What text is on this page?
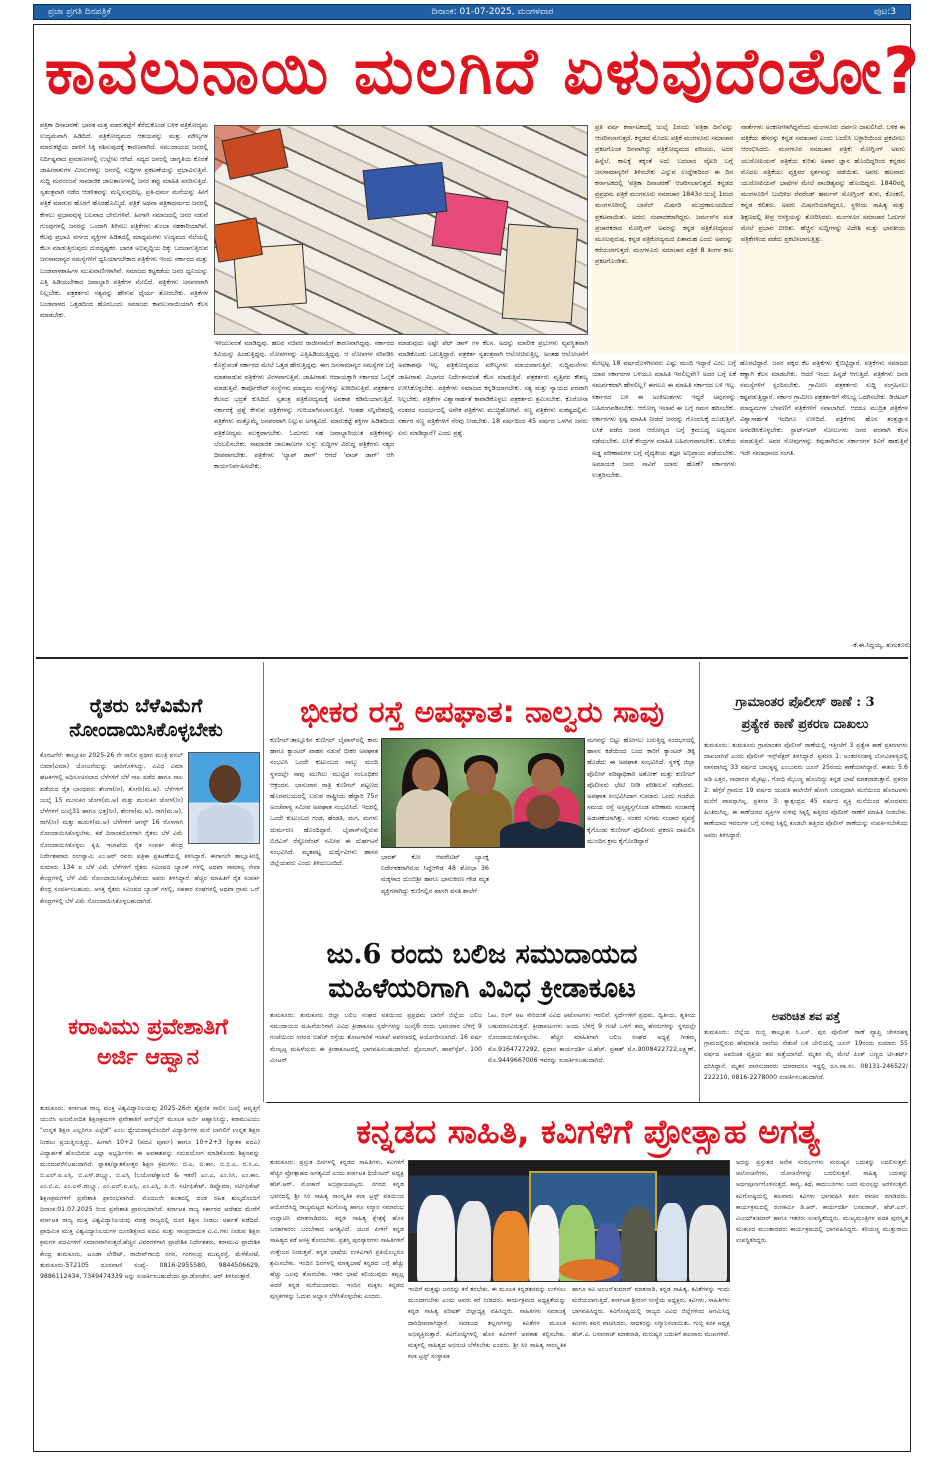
ಪ್ರಜಾ ಪ್ರಗತಿ ದಿನಪತ್ರಿಕೆ	ದಿನಾಂಕ: 01-07-2025, ಮಂಗಳವಾರ	ಪುಟ:3
ಕಾವಲುನಾಯಿ ಮಲಗಿದೆ ಏಳುವುದೆಂತೋ?

ಪತ್ರಿಕಾ ದಿನಾಚರಣೆ: ಭಾರತ ಮತ್ತ ಮಾರುಕಟ್ಟೆಗೆ ತೆರೆದುಕೊಂಡ ಬಳಿಕ ಪತ್ರಿಕೋದ್ಯಮ ಉದ್ಯಮವಾಗಿ ಹಿಡಿದಿದೆ. ಪತ್ರಿಕೋದ್ಯಮದ ಆಶಯವನ್ನು ಮತ್ತು ಮೌಲ್ಯಗಳ ಮಾರುಕಟ್ಟೆಯ ದಾಳಿಗೆ ಸಿಕ್ಕಿ ನಶಿಸುವುದಕ್ಕೆ ಕಾರಣವಾಗಿದೆ. ಸಮುದಾಯದ ಜನರಲ್ಲಿ ನಿರ್ದಿಷ್ಟವಾದ ಪ್ರಮಾಣಗಳಲ್ಲಿ ಉಲ್ಲೇಖ ಆಗಿದೆ. ಸದ್ಯದ ಜನರಲ್ಲಿ ಜಾಗೃತಿಯ ಕೊರತೆ ಜಾಹೀರಾತುಗಳ ಮೀನುಗಳನ್ನು ಜನರಲ್ಲಿ ಸುದ್ದಿಗಳ ಪ್ರಕಟಣೆಯನ್ನು ಪ್ರಭಾವಿಸುತ್ತಿವೆ. ಸುದ್ದಿ ಮನರಂಜನೆ ಸಾಮಾಜಿಕ ಜಾಲತಾಣಗಳಲ್ಲಿ ಜನರ ತಪ್ಪು ಮಾಹಿತಿ ಪಸರಿಸುತ್ತಿದೆ. ಸ್ವತಂತ್ರವಾಗಿ ನಡೆದ ಆಡಳಿತವನ್ನು ಮನ್ನಿಸುವುದಿಲ್ಲ. ಪ್ರತಿ-ಧರ್ಮ ಮನೆಯನ್ನು ಹೀಗೆ ಪತ್ರಿಕೆ ಮಾಡುವ ಹೊರಗೆ ಹೊರಹೊಮ್ಮಿದೆ. ಪತ್ರಿಕೆ ಅಥವಾ ಪತ್ರಿಕಾಧರ್ಮದ ಜನರಲ್ಲಿ ಕೇಳಲು ಪ್ರಭಾವವುಳ್ಳ ಬಲವಾದ ಬೇರುಗಳಿವೆ. ಹೀಗಾಗಿ ಸಮಾಜದಲ್ಲಿ ಜನರ ನಡುವೆ ಗುಂಪುಗಳಲ್ಲಿ ಜನರನ್ನು ಒಂದಾಗಿ ತಿಳಿಸಲು ಪತ್ರಿಕೆಗಳು ತುಂಬಾ ಸಹಕಾರಿಯಾಗಿವೆ. ಕೆಲವು ಪ್ರಭಾವಿ ವರ್ಗದ ವ್ಯಕ್ತಿಗಳ ಹಿಡಿತದಲ್ಲಿ ಮಾಧ್ಯಮಗಳು ಉದ್ಯಮದ ನೆಲೆಯಲ್ಲಿ ಕೆಲಸ ಮಾಡುತ್ತಿರುವುದು ದುರದೃಷ್ಟಕರ. ಭಾರತ ಅಭಿವೃದ್ಧಿಯ ದಿಕ್ಕು ಬದಲಾಗುತ್ತಿರುವ ಜನಸಾಮಾನ್ಯರ ಸಮಸ್ಯೆಗಳಿಗೆ ಧ್ವನಿಯಾಗಬೇಕಾದ ಪತ್ರಿಕೆಗಳು ಇಂದು ಸರ್ಕಾರದ ಮತ್ತು ಬಂಡವಾಳಶಾಹಿಗಳ ಮುಖವಾಣಿಗಳಾಗಿವೆ. ಸಮಾಜದ ಕಟ್ಟಕಡೆಯ ಜನರ ಧ್ವನಿಯನ್ನು ಎತ್ತಿ ಹಿಡಿಯಬೇಕಾದ ಜವಾಬ್ದಾರಿ ಪತ್ರಿಕೆಗಳ ಮೇಲಿದೆ. ಪತ್ರಿಕೆಗಳು ಜನಪರವಾಗಿ ನಿಲ್ಲಬೇಕು. ಪತ್ರಕರ್ತರು ಸತ್ಯವನ್ನು ಹೇಳುವ ಧೈರ್ಯ ತೋರಬೇಕು. ಪತ್ರಿಕೆಗಳ ಬಂಡವಾಳದ ಒತ್ತಡದಿಂದ ಹೊರಬಂದು ಸಮಾಜದ ಕಾವಲುನಾಯಿಯಾಗಿ ಕೆಲಸ ಮಾಡಬೇಕು.

ಇಳಿಯುವಂತೆ ಮಾಡಿದ್ದವು. ಹಲವ ಸಚಿವರ ರಾಜೀನಾಮೆಗೆ ಕಾರಣವಾಗಿದ್ದವು. ಸರ್ಕಾರದ ಕಿವಿಯನ್ನು ಹಿಂಡುತ್ತಿದ್ದವು. ಲೋಪಗಳನ್ನು ಎತ್ತಿಹಿಡಿಯುತ್ತಿದ್ದವು. ಆ ಲೋಪಗಳ ಸರಿಪಡಿಸಿ ಕೊಳ್ಳುವಂತೆ ಸರ್ಕಾರದ ಮೇಲೆ ಒತ್ತಡ ಹೇರುತ್ತಿದ್ದವು. ಈಗ ಜನಸಾಮಾನ್ಯರ ಸಮಸ್ಯೆಗಳ ಬಗ್ಗೆ ಮಾತನಾಡುವ ಪತ್ರಿಕೆಗಳು ವಿರಳವಾಗುತ್ತಿವೆ. ಜಾಹೀರಾತು ಆದಾಯಕ್ಕಾಗಿ ಸರ್ಕಾರದ ಓಲೈಕೆ ಮಾಡುತ್ತಿವೆ. ಕಾರ್ಪೊರೇಟ್ ಸಂಸ್ಥೆಗಳು ಮಾಧ್ಯಮ ಸಂಸ್ಥೆಗಳನ್ನು ಖರೀದಿಸುತ್ತಿವೆ. ಪತ್ರಕರ್ತರ ಕೆಲಸದ ಭದ್ರತೆ ಕುಸಿದಿದೆ. ಸ್ವತಂತ್ರ ಪತ್ರಿಕೋದ್ಯಮಕ್ಕೆ ಅವಕಾಶ ಕಡಿಮೆಯಾಗುತ್ತಿದೆ. ಸರ್ಕಾರಕ್ಕೆ ಪ್ರಶ್ನೆ ಕೇಳುವ ಪತ್ರಿಕೆಗಳನ್ನು ಗುರಿಯಾಗಿಸಲಾಗುತ್ತಿದೆ. ಇಂತಹ ಸನ್ನಿವೇಶದಲ್ಲಿ ಪತ್ರಿಕೆಗಳು ಮತ್ತೊಮ್ಮೆ ಜನಪರವಾಗಿ ನಿಲ್ಲುವ ಅಗತ್ಯವಿದೆ. ಮಾರುಕಟ್ಟೆ ಶಕ್ತಿಗಳ ಹಿಡಿತದಿಂದ ಪತ್ರಿಕೋದ್ಯಮ ಮುಕ್ತವಾಗಬೇಕು. ಓದುಗರು ಸಹ ಜವಾಬ್ದಾರಿಯುತ ಪತ್ರಿಕೆಗಳನ್ನು ಬೆಂಬಲಿಸಬೇಕು. ಸಾಮಾಜಿಕ ಜಾಲತಾಣಗಳ ಸುಳ್ಳು ಸುದ್ದಿಗಳ ವಿರುದ್ಧ ಪತ್ರಿಕೆಗಳು ಸತ್ಯದ ದೀಪವಾಗಬೇಕು. ಪತ್ರಿಕೆಗಳು 'ಲ್ಯಾಪ್ ಡಾಗ್' ಆಗದೆ 'ವಾಚ್ ಡಾಗ್' ಆಗಿ ಕಾರ್ಯನಿರ್ವಹಿಸಬೇಕು.

ಮಾಡುವುದು ಅಷ್ಟೇ ಪೆಟ್ ಡಾಗ್ ಗಳ ಕೆಲಸ. ಅದನ್ನು ಮಾಲೀಕ ಪ್ರಭುಗಳು ವ್ಯವಸ್ಥಿತವಾಗಿ ಮಾಡಿಕೊಂಡು ಬರುತ್ತಿದ್ದಾರೆ. ಪತ್ರಕರ್ತ ಸ್ವತಂತ್ರವಾಗಿ ಆಲೋಚಿಸುತ್ತಿಲ್ಲ. ಅಂತಹ ಆಲೋಚನೆಗೆ ಅವಕಾಶವೂ ಇಲ್ಲ. ಪತ್ರಿಕೋದ್ಯಮದ ಮೌಲ್ಯಗಳು ಮಾಯವಾಗುತ್ತಿವೆ. ಸುದ್ದಿಮನೆಗಳು ಜಾಹೀರಾತು ವಿಭಾಗದ ನಿರ್ದೇಶನದಂತೆ ಕೆಲಸ ಮಾಡುತ್ತಿವೆ. ಪತ್ರಕರ್ತರು ವೃತ್ತಿಪರ ಕೌಶಲ್ಯ ಉಳಿಸಿಕೊಳ್ಳಬೇಕು. ಪತ್ರಿಕೆಗಳು ಸಮಾಜದ ಕನ್ನಡಿಯಾಗಬೇಕು. ಸತ್ಯ ಮತ್ತು ನ್ಯಾಯದ ಪರವಾಗಿ ನಿಲ್ಲಬೇಕು. ಪತ್ರಿಕೆಗಳ ವಿಶ್ವಾಸಾರ್ಹತೆ ಕಾಪಾಡಿಕೊಳ್ಳಲು ಪತ್ರಕರ್ತರು ಶ್ರಮಿಸಬೇಕು. ಕೊರೋನಾ ನಂತರದ ಸಂದರ್ಭದಲ್ಲಿ ಅನೇಕ ಪತ್ರಿಕೆಗಳು ಮುಚ್ಚಿಹೋಗಿವೆ. ಸಣ್ಣ ಪತ್ರಿಕೆಗಳು ಸಂಕಷ್ಟದಲ್ಲಿವೆ. ಸರ್ಕಾರ ಸಣ್ಣ ಪತ್ರಿಕೆಗಳಿಗೆ ನೆರವು ನೀಡಬೇಕು. 18 ವರ್ಷದಿಂದ 45 ವರ್ಷದ ಒಳಗಿನ ಜನರು ಏನು ಮಾಡಿದ್ದಾರೆ? ಎಂದು ಪ್ರಶ್ನೆ.

ಪ್ರತಿ ವರ್ಷ ಕರ್ನಾಟಕದಲ್ಲಿ ಜುಲೈ 1ರಂದು 'ಪತ್ರಿಕಾ ದಿನ'ವನ್ನು ಆಚರಿಸಲಾಗುತ್ತದೆ. ಕನ್ನಡದ ಮೊದಲ ಪತ್ರಿಕೆ ಮಂಗಳೂರು ಸಮಾಚಾರ ಪ್ರಕಟಗೊಂಡ ದಿನವಾಗಿದ್ದು ಪತ್ರಿಕೋದ್ಯಮದ ಪರಿಚಯ, ಅದರ ಹಿನ್ನೆಲೆ, ಕಾಲಕ್ಕೆ ತಕ್ಕಂತೆ ಅದು ಬದಲಾದ ವೈಖರಿ ಬಗ್ಗೆ ಜನಸಾಮಾನ್ಯರಿಗೆ ತಿಳಿಸಬೇಕು ಎನ್ನುವ ಉದ್ದೇಶದಿಂದ ಈ ದಿನ ಕರ್ನಾಟಕದಲ್ಲಿ 'ಪತ್ರಿಕಾ ದಿನಾಚರಣೆ' ಆಚರಿಸಲಾಗುತ್ತದೆ. ಕನ್ನಡದ ಪ್ರಪ್ರಥಮ ಪತ್ರಿಕೆ ಮಂಗಳೂರು ಸಮಾಚಾರ 1843ರ ಜುಲೈ 1ರಂದ ಮಂಗಳೂರಿನಲ್ಲಿ ಬಾಸೆಲ್ ಮಿಷನರಿ ಮುದ್ರಣಾಲಯದಿಂದ ಪ್ರಕಟವಾಯಿತು. ಅದರು ಸಂಪಾದಕರಾಗಿದ್ದರು. ಜರ್ಮನ್‌ನ ಮತ ಪ್ರಚಾರಕರಾದ ಮೋಗ್ಲಿಂಗ್ ಅವರನ್ನು ಕನ್ನಡ ಪತ್ರಿಕೋದ್ಯಮದ ಮೂಲಪುರುಷ, ಕನ್ನಡ ಪತ್ರಿಕೋದ್ಯಮದ ಪಿತಾಮಹ ಎಂದು ಅವರನ್ನು ಕರೆಯಲಾಗುತ್ತದೆ. ಮಂಗಳೂರು ಸಮಾಚಾರ ಪತ್ರಿಕೆ 8 ತಿಂಗಳ ಕಾಲ ಪ್ರಕಟಗೊಂಡಿತು.

ವಾರ್ತೆಗಳು ಅಂಕಣಗಳಾಗಿದ್ದವೆಂದು ಮಂಗಳೂರು ದರ್ಪಣ ದಾಖಲಿಸಿದೆ. ಬಳಿಕ ಈ ಪತ್ರಿಕೆಯ ಹೆಸರನ್ನು ಕನ್ನಡ ಸಮಾಚಾರ ಎಂದು ಬದಲಿಸಿ ಬಳ್ಳಾರಿಯಿಂದ ಪ್ರಕಟಿಸಲು ಆರಂಭಿಸಿದರು. ಮಂಗಳೂರ ಸಮಾಚಾರ ಪತ್ರಿಕೆ: ಮೋಗ್ಲಿಂಗ್ ಅವರು ಯುರೋಪಿಯನ್ ಪತ್ರಿಕೆಯ ಕುರಿತು ಅಪಾರ ಜ್ಞಾನ ಹೊಂದಿದ್ದರಿಂದ ಕನ್ನಡದ ಮೊದಲ ಪತ್ರಿಕೆಯು ವ್ಯಕ್ತಿಪರ ಸ್ಪರ್ಶವನ್ನು ಪಡೆಯಿತು. ಅವರು ಹಲವಾರು ಯುರೋಪಿಯನ್ ಭಾಷೆಗಳ ಮೇಲೆ ಪಾಂಡಿತ್ಯವನ್ನು ಹೊಂದಿದ್ದರು. 1840ರಲ್ಲಿ ಮಂಗಳೂರಿಗೆ ಬಂದಿಳಿದ ರೆವರೆಂಡ್ ಹರ್ಮನ್ ಮೋಗ್ಲಿಂಗ್ ತುಳು, ಕೊಂಕಣಿ, ಕನ್ನಡ ಕಲಿತರು. ಅವರು ಮಿಷನರಿಯಾಗಿದ್ದರೂ, ಸ್ಥಳೀಯ ಸಾಹಿತ್ಯ ಮತ್ತು ಶಿಕ್ಷಣದಲ್ಲಿ ತೀವ್ರ ಆಸಕ್ತಿಯನ್ನು ತೋರಿಸಿದರು. ಮಂಗಳೂರ ಸಮಾಚಾರ ಓದುಗರ ಮೇಲೆ ಪ್ರಭಾವ ಬೀರಿತು. ಹೆಚ್ಚಿನ ಸುದ್ದಿಗಳನ್ನು ವಿದೇಶಿ ಮತ್ತು ಭಾರತೀಯ ಪತ್ರಿಕೆಗಳಿಂದ ಪಡೆದು ಪ್ರಕಟಿಸಲಾಗುತ್ತಿತ್ತು.

ಮೇಲ್ಪಟ್ಟ 18 ವರ್ಷದೊಳಗಿನವರು ಎಷ್ಟು ಮಂದಿ ಇದ್ದಾರೆ ಎಂಬ ಬಗ್ಗೆ ಯಾವ ಸರ್ಕಾರಗಳ ಬಳಿಯೂ ಮಾಹಿತಿ ಇರಲಿಲ್ಲವೇ? ಅದರ ಬಗ್ಗೆ ಏಕೆ ಸಮರ್ಪಕವಾಗಿ ಹೇಳಲಿಲ್ಲ? ಈಗಲೂ ಈ ಮಾಹಿತಿ ಸರ್ಕಾರದ ಬಳಿ ಇಲ್ಲ. ಸರ್ಕಾರದ ಬಳಿ ಈ ಅಂಕಿಅಂಶಗಳು ಇದ್ದರೆ ಅವುಗಳನ್ನು ಬಹಿರಂಗಪಡಿಸಬೇಕು. ಆರೋಗ್ಯ ಇಲಾಖೆ ಈ ಬಗ್ಗೆ ಗಮನ ಹರಿಸಬೇಕು. ಸರ್ಕಾರಗಳು ಸ್ಪಷ್ಟ ಮಾಹಿತಿ ನೀಡದೆ ಜನರನ್ನು ಗೊಂದಲಕ್ಕೆ ದೂಡುತ್ತಿವೆ. ಲಸಿಕೆ ಪಡೆದ ಜನರ ಆರೋಗ್ಯದ ಬಗ್ಗೆ ಕ್ರಮಬದ್ಧ ಅಧ್ಯಯನ ನಡೆಯಬೇಕು. ಲಸಿಕೆ ಕೇಂದ್ರಗಳ ಮಾಹಿತಿ ಬಹಿರಂಗವಾಗಬೇಕು. ಲಸಿಕೆಯ ಅಡ್ಡ ಪರಿಣಾಮಗಳ ಬಗ್ಗೆ ವೈದ್ಯಕೀಯ ತಜ್ಞರ ಅಭಿಪ್ರಾಯ ಪಡೆಯಬೇಕು. ಅಮಾಯಕ ಜನರ ಸಾವಿಗೆ ಯಾರು ಹೊಣೆ? ಸರ್ಕಾರಗಳು ಉತ್ತರಿಸಬೇಕು.

ಹೊರಟಿದ್ದಾರೆ. ಜನರ ಪಕ್ಕದ ಕೆಲ ಪತ್ರಿಕೆಗಳು ಕೈಬಿಟ್ಟಿದ್ದಾರೆ. ಪತ್ರಿಕೆಗಳು ಸಮಾಜದ ಕಣ್ಣಾಗಿ ಕೆಲಸ ಮಾಡಬೇಕು. ಆದರೆ ಇಂದು ಹಿನ್ನಡೆ ಆಗುತ್ತಿದೆ. ಪತ್ರಿಕೆಗಳು ಜನರ ಸಮಸ್ಯೆಗಳಿಗೆ ಸ್ಪಂದಿಸಬೇಕು. ಗ್ರಾಮೀಣ ಪತ್ರಕರ್ತರು ಸುದ್ದಿ ಸಂಗ್ರಹಿಸಲು ಕಷ್ಟಪಡುತ್ತಿದ್ದಾರೆ. ಸರ್ಕಾರ ಗ್ರಾಮೀಣ ಪತ್ರಕರ್ತರಿಗೆ ಸೌಲಭ್ಯ ಒದಗಿಸಬೇಕು. ಡಿಜಿಟಲ್ ಮಾಧ್ಯಮಗಳ ಬೆಳವಣಿಗೆ ಪತ್ರಿಕೆಗಳಿಗೆ ಸವಾಲಾಗಿದೆ. ಆದರೂ ಮುದ್ರಿತ ಪತ್ರಿಕೆಗಳ ವಿಶ್ವಾಸಾರ್ಹತೆ ಇಂದಿಗೂ ಉಳಿದಿದೆ. ಪತ್ರಿಕೆಗಳು ಹೊಸ ತಂತ್ರಜ್ಞಾನ ಅಳವಡಿಸಿಕೊಳ್ಳಬೇಕು. ಸ್ಟಾರ್ಟ್ಅಪ್ ಸೋಲುಗಳು ಜನರ ಪರವಾಗಿ ಕೆಲಸ ಮಾಡುತ್ತಿವೆ. ಅವರ ನೋವುಗಳನ್ನು ಕಿವುಡಾಗಿರುವ ಸರ್ಕಾರಗಳ ಕಿವಿಗೆ ಹಾಕುತ್ತಿವೆ ಇದೇ ಸಮಾಧಾನದ ಸಂಗತಿ.

-ಕೆ.ಈ.ಸಿದ್ದಯ್ಯ, ತುಮಕೂರು
ರೈತರು ಬೆಳೆವಿಮೆಗೆ
ನೋಂದಾಯಿಸಿಕೊಳ್ಳಬೇಕು

ಕೊರಟಗೆರೆ: ತಾಲ್ಲೂಕಿನ 2025-26 ನೇ ಸಾಲಿನ ಪ್ರಧಾನ ಮಂತ್ರಿ ಫಸಲ್ ಬಿಮಾ(ವಿಮಾ) ಯೋಜನೆಯನ್ನು ಜಾರಿಗೊಳಿಸಿದ್ದು, ವಿವಿಧ ವಿಮಾ ಘಟಕಗಳಲ್ಲಿ ಅಧಿಸೂಚಿಸಲಾದ ಬೆಳೆಗಳಿಗೆ ಬೆಳೆ ಸಾಲ ಪಡೆದ ಹಾಗೂ ಸಾಲ ಪಡೆಯದ ರೈತ ಬಾಂಧವರು ಶೇಂಗಾ(ನೀ), ತೊಗರಿ(ಮ.ಆ). ಬೆಳೆಗಳಿಗೆ ಜುಲೈ 15 ಮುಸುಕಿನ ಜೋಳ(ಮ.ಆ) ಮತ್ತು ಮುಸುಕಿನ ಜೋಳ(ನೀ) ಬೆಳೆಗಳಿಗೆ ಜುಲೈ31 ಹಾಗೂ ಭತ್ತ(ನೀ), ಶೇಂಗಾ(ಮ.ಆ), ರಾಗಿ(ಮ.ಆ), ರಾಗಿ(ನೀ) ಮತ್ತು ಹುರುಳಿ(ಮ.ಆ) ಬೆಳೆಗಳಿಗೆ ಆಗಸ್ಟ್ 16 ರೊಳಗಾಗಿ ನೋಂದಾಯಿಸಿಕೊಳ್ಳಬೇಕು. ಕಡೆ ದಿನಾಂಕದೊಳಗಾಗಿ ರೈತರು ಬೆಳೆ ವಿಮೆ ನೋಂದಾಯಿಸಿಕೊಳ್ಳಲು ಕೃಷಿ ಇಲಾಖೆಯ ರೈತ ಸಂಪರ್ಕ ಕೇಂದ್ರ ನಿರ್ದೇಶಕರಾದ ರಂಗಸ್ವಾಮಿ ಎಂ.ಆರ್ ರವರು ಪತ್ರಿಕಾ ಪ್ರಕಟಣೆಯಲ್ಲಿ ತಿಳಿಸಿದ್ದಾರೆ. ಈಗಾಗಲೇ ತಾಲ್ಲೂಕಿನಲ್ಲಿ ಸುಮಾರು 134 ಐ ಬೆಳೆ ವಿಮೆ ಬೆಳೆಗಳಿಗೆ ರೈತರು ಸಮೀಪದ ಬ್ಯಾಂಕ್ ಗಳಲ್ಲಿ ಅಥವಾ ಸಾಮಾನ್ಯ ಸೇವಾ ಕೇಂದ್ರಗಳಲ್ಲಿ ಬೆಳೆ ವಿಮೆ ನೋಂದಾಯಿಸಿಕೊಳ್ಳಬೇಕೆಂದು ಅವರು ತಿಳಿಸಿದ್ದಾರೆ. ಹೆಚ್ಚಿನ ಮಾಹಿತಿಗೆ ರೈತ ಸಂಪರ್ಕ ಕೇಂದ್ರ ಸಂಪರ್ಕಿಸಬಹುದು. ಆಸಕ್ತ ರೈತರು ಸಮೀಪದ ಬ್ಯಾಂಕ್ ಗಳಲ್ಲಿ, ಸಹಕಾರ ಸಂಘಗಳಲ್ಲಿ ಅಥವಾ ಗ್ರಾಮ ಒನ್ ಕೇಂದ್ರಗಳಲ್ಲಿ ಬೆಳೆ ವಿಮೆ ನೋಂದಾಯಿಸಿಕೊಳ್ಳಬಹುದಾಗಿದೆ.

ಭೀಕರ ರಸ್ತೆ ಅಪಘಾತ: ನಾಲ್ವರು ಸಾವು

ಕುಣಿಗಲ್:ತಾಲ್ಲೂಕಿನ ಕುಣಿಗಲ್ ಬೈಪಾಸ್‌ನಲ್ಲಿ ಕಾರು ಹಾಗೂ ಕ್ಯಾಂಟರ್ ವಾಹನ ನಡುವೆ ಭೀಕರ ಅಪಘಾತ ಸಂಭವಿಸಿ ಒಂದೇ ಕುಟುಂಬದ ನಾಲ್ಕು ಮಂದಿ ಸ್ಥಳದಲ್ಲೇ ಸಾವು ಮುಗಿಲು ಮುಟ್ಟಿದ ಸಂಬಂಧಿಕರ ಆಕ್ರಂದನ. ಭಾನುವಾರ ರಾತ್ರಿ ಕುಣಿಗಲ್ ಪಟ್ಟಣದ ಹೊರವಲಯದಲ್ಲಿ ಬರುವ ರಾಷ್ಟ್ರೀಯ ಹೆದ್ದಾರಿ 75ರ ಅಂಚೆಪಾಳ್ಯ ಸಮೀಪ ಅಪಘಾತ ಸಂಭವಿಸಿದೆ. ಇದರಲ್ಲಿ ಒಂದೇ ಕುಟುಂಬದ ಗಂಡ, ಹೆಂಡತಿ, ಮಗ, ಮಗಳು ದುರ್ಮರಣ ಹೊಂದಿದ್ದಾರೆ. ಬೈಪಾಸ್‌ನಲ್ಲಿರುವ ಬಿಜಿಎಸ್ ರೆಸ್ಟೋರೆಂಟ್ ಸಮೀಪ ಈ ದುರ್ಘಟನೆ ಸಂಭವಿಸಿದೆ. ಮೃತಪಟ್ಟ ದುರ್ದೈವಿಗಳು ಹಾಸನ ಜಿಲ್ಲೆಯವರು ಎಂದು ತಿಳಿದುಬಂದಿದೆ.

ಭಾರತ್ ಕೋ ಆಪರೇಟಿವ್ ಬ್ಯಾಂಕ್ನ ನಿರ್ದೇಶಕರಾಗಿರುವ ಸಿದ್ದೇಗೌಡ 48 ಶೋಭಾ 36 ಮಕ್ಕಳಾದ ದುಂಬಿಶ್ರೀ ಹಾಗೂ ಭಾನುಕಿರಣ ಗೌಡ ಮೃತ ವ್ಯಕ್ತಿಗಳಾಗಿದ್ದು ಕುಣಿಗಲ್ಲಿನ ಖಾಸಗಿ ವಸತಿ ಶಾಲೆಗೆ

ಮಗನನ್ನು ಬಿಟ್ಟು ಹೋಗಲು ಬರುತ್ತಿದ್ದ ಸಂದರ್ಭದಲ್ಲಿ ಹಾಸನ ಕಡೆಯಿಂದ ಬಂದ ಕಾರಿಗೆ ಕ್ಯಾಂಟರ್ ಡಿಕ್ಕಿ ಹೊಡೆದು ಈ ಅಪಘಾತ ಸಂಭವಿಸಿದೆ. ಸ್ಥಳಕ್ಕೆ ಜಿಲ್ಲಾ ಪೊಲೀಸ್ ವರಿಷ್ಠಾಧಿಕಾರಿ ಅಶೋಕ್ ಮತ್ತು ಕುಣಿಗಲ್ ಪೊಲೀಸರು ಭೇಟಿ ನೀಡಿ ಪರಿಶೀಲನೆ ನಡೆಸಿದರು. ಅಪಘಾತ ಸಂಭವಿಸಿದಾಗ ಸುಮಾರು ಒಂದು ಗಂಟೆಯ ಸಮಯ ರಸ್ತೆ ಅಸ್ತವ್ಯಸ್ತಗೊಂಡ ಪರಿಣಾಮ ಸಂಚಾರಕ್ಕೆ ಅಡಚಣೆಯಾಗಿತ್ತು, ನಂತರ ಸುಗಮ ಸಂಚಾರ ವ್ಯವಸ್ಥೆ ಕೈಗೊಂಡು ಕುಣಿಗಲ್ ಪೊಲೀಸರು ಪ್ರಕರಣ ದಾಖಲಿಸಿ ಮುಂದಿನ ಕ್ರಮ ಕೈಗೊಂಡಿದ್ದಾರೆ

ಗ್ರಾಮಾಂತರ ಪೊಲೀಸ್ ಠಾಣೆ : 3
ಪ್ರತ್ಯೇಕ ಕಾಣೆ ಪ್ರಕರಣ ದಾಖಲು

ತುಮಕೂರು: ತುಮಕೂರು ಗ್ರಾಮಾಂತರ ಪೊಲೀಸ್ ಠಾಣೆಯಲ್ಲಿ ಇತ್ತೀಚೆಗೆ 3 ಪ್ರತ್ಯೇಕ ಕಾಣೆ ಪ್ರಕರಣಗಳು ದಾಖಲಾಗಿವೆ ಎಂದು ಪೊಲೀಸ್ ಇನ್ಸ್‌ಪೆಕ್ಟರ್ ತಿಳಿಸಿದ್ದಾರೆ. ಪ್ರಕರಣ 1: ಅಂತರಸನಹಳ್ಳಿ ಬೋವಿಪಾಳ್ಯದಲ್ಲಿ ವಾಸವಾಗಿದ್ದ 33 ವರ್ಷದ ಬಾಲಕೃಷ್ಣ ಎಂಬುವರು ಜೂನ್ 25ರಂದು ಕಾಣೆಯಾಗಿದ್ದಾರೆ. ಈತನು 5.6 ಅಡಿ ಎತ್ತರ, ಸಾಧಾರಣ ಮೈಕಟ್ಟು, ಗೋಧಿ ಮೈಬಣ್ಣ ಹೊಂದಿದ್ದು ಕನ್ನಡ ಭಾಷೆ ಮಾತನಾಡುತ್ತಾನೆ. ಪ್ರಕರಣ 2: ಹೆಗ್ಗೆರೆ ಗ್ರಾಮದ 19 ವರ್ಷದ ಯುವತಿ ಕಾಲೇಜಿಗೆ ಹೋಗಿ ಬರುವುದಾಗಿ ಮನೆಯಿಂದ ಹೊರಟವಳು ಮನೆಗೆ ವಾಪಸ್ಸಾಗಿಲ್ಲ. ಪ್ರಕರಣ 3: ಕ್ಯಾತ್ಸಂದ್ರದ 45 ವರ್ಷದ ವ್ಯಕ್ತಿ ಮನೆಯಿಂದ ಹೋದವರು ಹಿಂತಿರುಗಿಲ್ಲ. ಈ ಕಾಣೆಯಾದ ವ್ಯಕ್ತಿಗಳ ಸುಳಿವು ಸಿಕ್ಕಲ್ಲಿ ಹತ್ತಿರದ ಪೊಲೀಸ್ ಠಾಣೆಗೆ ಮಾಹಿತಿ ನೀಡಬೇಕು. ಕಾಣೆಯಾದ ಇವರುಗಳ ಬಗ್ಗೆ ಸುಳಿವು ಸಿಕ್ಕಲ್ಲಿ ಕೂಡಲೇ ಹತ್ತಿರದ ಪೊಲೀಸ್ ಠಾಣೆಯನ್ನು ಸಂಪರ್ಕಿಸಬೇಕೆಂದು ಅವರು ತಿಳಿಸಿದ್ದಾರೆ.

ಅಪರಿಚಿತ ಶವ ಪತ್ತೆ

ತುಮಕೂರು: ಜಿಲ್ಲೆಯ ಗುಬ್ಬಿ ತಾಲ್ಲೂಕು ಸಿ.ಎಸ್. ಪುರ ಪೊಲೀಸ್ ಠಾಣೆ ವ್ಯಾಪ್ತಿ ಚೇಳನಹಳ್ಳಿ ಗ್ರಾಮದಲ್ಲಿರುವ ಹೇಮಾವತಿ ನಾಲೆಯ ಸೇತುವೆ ಬಳಿ ಬೇಲಿಯಲ್ಲಿ ಜೂನ್ 19ರಂದು ಸುಮಾರು 55 ವರ್ಷದ ಅಪರಿಚಿತ ವ್ಯಕ್ತಿಯ ಶವ ಪತ್ತೆಯಾಗಿದೆ. ಮೃತನ ಮೈ ಮೇಲೆ ಪಿಂಕ್ ಬಣ್ಣದ ಟೀ-ಶರ್ಟ್ ಧರಿಸಿದ್ದಾನೆ. ಮೃತನ ವಾರಸುದಾರರು ಯಾರಾದರೂ ಇದ್ದಲ್ಲಿ ದೂ.ವಾ.ಸಂ. 08131-246522/ 222210, 0816-2278000 ಸಂಪರ್ಕಿಸಬಹುದಾಗಿದೆ.

ಜು.6 ರಂದು ಬಲಿಜ ಸಮುದಾಯದ
ಮಹಿಳೆಯರಿಗಾಗಿ ವಿವಿಧ ಕ್ರೀಡಾಕೂಟ

ತುಮಕೂರು: ತುಮಕೂರು ಜಿಲ್ಲಾ ಬಲಿಜ ಸಂಘದ ವತಿಯಿಂದ ಪ್ರಪ್ರಥಮ ಬಾರಿಗೆ ಜಿಲ್ಲೆಯ ಬಲಿಜ ಸಮುದಾಯದ ಮಹಿಳೆಯರಿಗಾಗಿ ವಿವಿಧ ಕ್ರೀಡಾಕೂಟ ಸ್ಪರ್ಧೆಗಳನ್ನು ಜುಲೈ6 ರಂದು ಭಾನುವಾರ ಬೆಳಿಗ್ಗೆ 9 ಗಂಟೆಯಿಂದ ನಗರದ ಬಿಹೆಚ್ ರಸ್ತೆಯ ತೋಟಗಾರಿಕೆ ಇಲಾಖೆ ಆವರಣದಲ್ಲಿ ಆಯೋಜಿಸಲಾಗಿದೆ. 16 ವರ್ಷ ಮೇಲ್ಪಟ್ಟ ಮಹಿಳೆಯರು ಈ ಕ್ರೀಡಾಕೂಟದಲ್ಲಿ ಭಾಗವಹಿಸಬಹುದಾಗಿದೆ. ಥ್ರೋಬಾಲ್, ಹಾಪ್‌ಸ್ಟೆಪ್, 100 ಮೀಟರ್

ಓಟ, ರಿಂಗ್ ಆಟ ಸೇರಿದಂತೆ ವಿವಿಧ ಆಟೋಟಗಳು ಇರಲಿವೆ. ಸ್ಪರ್ಧೆಗಳಿಗೆ ಪ್ರಥಮ, ದ್ವಿತೀಯ, ತೃತೀಯ ಬಹುಮಾನವಿರುತ್ತದೆ. ಕ್ರೀಡಾಪಟುಗಳು ಅಂದು ಬೆಳಿಗ್ಗೆ 9 ಗಂಟೆ ಒಳಗೆ ತಮ್ಮ ಹೆಸರುಗಳನ್ನು ಸ್ಥಳದಲ್ಲೇ ನೋಂದಾಯಿಸಿಕೊಳ್ಳಬೇಕು. ಹೆಚ್ಚಿನ ಮಾಹಿತಿಗಾಗಿ ಬಲಿಜ ಸಂಘದ ಅಧ್ಯಕ್ಷೆ ಗೀತಮ್ಮ ಮೊ.9164727292, ಪ್ರಧಾನ ಕಾರ್ಯದರ್ಶಿ ಟಿ.ಹೆಚ್. ಪ್ರಕಾಶ್ ಮೊ.9008422722,ಲಕ್ಷ್ಮಣ್, ಮೊ.9449667006 ಇವರನ್ನು ಸಂಪರ್ಕಿಸಬಹುದಾಗಿದೆ.

ಕರಾವಿಮು ಪ್ರವೇಶಾತಿಗೆ
ಅರ್ಜಿ ಆಹ್ವಾನ

ತುಮಕೂರು: ಕರ್ನಾಟಕ ರಾಜ್ಯ ಮುಕ್ತ ವಿಶ್ವವಿದ್ಯಾನಿಲಯವು 2025-26ನೇ ಶೈಕ್ಷಣಿಕ ಸಾಲಿನ ಜುಲೈ ಆವೃತ್ತಿಗೆ ಯುಜಿಸಿ ಅನುಮೋದಿತ ಶಿಕ್ಷಣಕ್ರಮಗಳ ಪ್ರವೇಶಾತಿಗೆ ಆನ್‌ಲೈನ್ ಮೂಲಕ ಅರ್ಜಿ ಆಹ್ವಾನಿಸಿದ್ದು, ಕರಾಮುವಿಯು "ಉನ್ನತ ಶಿಕ್ಷಣ ಎಲ್ಲರಿಗೂ ಎಲ್ಲೆಡೆ" ಎಂಬ ಧ್ಯೇಯವಾಕ್ಯದೊಂದಿಗೆ ವಿದ್ಯಾರ್ಥಿಗಳ ಮನೆ ಬಾಗಿಲಿಗೆ ಉನ್ನತ ಶಿಕ್ಷಣ ನೀಡಲು ಪ್ರಯತ್ನಿಸುತ್ತಿದ್ದು, ಹೀಗಾಗಿ 10+2 (ಪದವಿ ಪೂರ್ವ) ಹಾಗೂ 10+2+3 (ಸ್ನಾತಕ ಪದವಿ) ವಿದ್ಯಾರ್ಹತೆ ಹೊಂದಿರುವ ಎಲ್ಲಾ ಅಭ್ಯರ್ಥಿಗಳು ಈ ಅವಕಾಶವನ್ನು ಸದುಪಯೋಗ ಮಾಡಿಕೊಂಡು ಶಿಕ್ಷಣವನ್ನು ಮುಂದುವರೆಸಬಹುದಾಗಿದೆ. ಸ್ನಾತಕ/ಸ್ನಾತಕೋತ್ತರ ಶಿಕ್ಷಣ ಕ್ರಮಗಳು: ಬಿ.ಎ, ಬಿ.ಕಾಂ, ಬಿ.ಬಿ.ಎ, ಬಿ.ಸಿ.ಎ, ಬಿ.ಎಲ್.ಐ.ಎಸ್ಸಿ, ಬಿ.ಎಸ್.ಡಬ್ಲ್ಯೂ, ಬಿ.ಎಸ್ಸಿ (ಬಯೋಟೆಕ್ನಾಲಜಿ & ಇತರೆ) ಎಂ.ಎ, ಎಂ.ಸಿಸಿ, ಎಂ.ಕಾಂ, ಎಂ.ಬಿ.ಎ, ಎಂ.ಎಸ್.ಡಬ್ಲ್ಯೂ, ಎಂ.ಎಲ್.ಐ.ಎಸ್ಸಿ, ಎಂ.ಎಸ್ಸಿ, ಪಿ.ಜಿ. ಸರ್ಟಿಫಿಕೇಟ್, ಡಿಪ್ಲೊಮಾ, ಸರ್ಟಿಫಿಕೇಟ್ ಶಿಕ್ಷಣಕ್ರಮಗಳಿಗೆ ಪ್ರವೇಶಾತಿ ಪ್ರಾರಂಭವಾಗಿದೆ. ಮೊದಲನೇ ಹಂತದಲ್ಲಿ ದಂಡ ರಹಿತ ಶುಲ್ಕದೊಂದಿಗೆ ದಿನಾಂಕ:01.07.2025 ರಿಂದ ಪ್ರವೇಶಾತಿ ಪ್ರಾರಂಭವಾಗಿದೆ. ಕರ್ನಾಟಕ ರಾಜ್ಯ ಸರ್ಕಾರದ ಆದೇಶದ ಮೇರೆಗೆ ಕರ್ನಾಟಕ ರಾಜ್ಯ ಮುಕ್ತ ವಿಶ್ವವಿದ್ಯಾನಿಲಯವು ಮಾತ್ರ ರಾಜ್ಯದಲ್ಲಿ ದೂರ ಶಿಕ್ಷಣ ನೀಡಲು ಅರ್ಹತೆ ಪಡೆದಿದೆ. ಪ್ರಾಥಮಿಕ ಮುಕ್ತ ವಿಶ್ವವಿದ್ಯಾನಿಲಯಗಳ ದೂರಶಿಕ್ಷಣದ ಪದವಿ ಮತ್ತು ಸಾಂಪ್ರದಾಯಿಕ ವಿ.ವಿ.ಗಳು ನೀಡುವ ಶಿಕ್ಷಣ ಕ್ರಮಗಳ ಪದವಿಗಳಿಗೆ ಸಮಾನವಾಗಿರುತ್ತದೆ.ಹೆಚ್ಚಿನ ವಿವರಗಳಿಗಾಗಿ ಪ್ರಾದೇಶಿಕ ನಿರ್ದೇಶಕರು, ಕರಾಮುವಿ ಪ್ರಾದೇಶಿಕ ಕೇಂದ್ರ ತುಮಕೂರು, ಟೂಡಾ ಲೇಔಟ್, ರಾಜೀವ್‌ಗಾಂಧಿ ನಗರ, ಗಂಗಸಂದ್ರ ಮುಖ್ಯರಸ್ತೆ, ಮೆಳೆಕೋಟೆ, ತುಮಕೂರು-572105 ದೂರವಾಣಿ ಸಂಖ್ಯೆ- 0816-2955580, 9844506629, 9886112434, 7349474339 ಅನ್ನು ಸಂಪರ್ಕಿಸಬಹುದೆಂದು ಪ್ರಾ.ಡೋಜೇನ. ಆರ್ ತಿಳಿಸಿರುತ್ತಾರೆ.

ಕನ್ನಡದ ಸಾಹಿತಿ, ಕವಿಗಳಿಗೆ ಪ್ರೋತ್ಸಾಹ ಅಗತ್ಯ

ತುಮಕೂರು: ಪ್ರಸ್ತುತ ದಿನಗಳಲ್ಲಿ ಕನ್ನಡದ ಸಾಹಿತಿಗಳು, ಕವಿಗಳಿಗೆ ಹೆಚ್ಚಿನ ಪ್ರೋತ್ಸಾಹದ ಅಗತ್ಯವಿದೆ ಎಂದು ಕರ್ನಾಟಕ ಥಿಯೇಟರ್ ಅಧ್ಯಕ್ಷ ಹೆಚ್.ಆರ್. ಮೋಹನ್ ಅಭಿಪ್ರಾಯಪಟ್ಟರು. ನಗರದ ಕನ್ನಡ ಭವನದಲ್ಲಿ ಶ್ರೀ ಸಿರಿ ಸಾಹಿತ್ಯ ಸಾಂಸ್ಕೃತಿಕ ಕಲಾ ಟ್ರಸ್ಟ್ ವತಿಯಿಂದ ಆಯೋಜಿಸಿದ್ದ ರಾಜ್ಯಮಟ್ಟದ ಕವಿಗೋಷ್ಠಿ ಹಾಗೂ ಸನ್ಮಾನ ಸಮಾರಂಭ ಉದ್ಘಾಟಿಸಿ ಮಾತನಾಡಿದರು. ಕನ್ನಡ ಸಾಹಿತ್ಯ ಕ್ಷೇತ್ರಕ್ಕೆ ಹೊಸ ಬರಹಗಾರರು ಬರಬೇಕಾದ ಅಗತ್ಯವಿದೆ. ಯುವ ಪೀಳಿಗೆ ಕನ್ನಡ ಸಾಹಿತ್ಯದ ಕಡೆ ಆಸಕ್ತಿ ತೋರಬೇಕು. ಪ್ರಶಸ್ತಿ ಪುರಸ್ಕಾರಗಳು ಸಾಹಿತಿಗಳಿಗೆ ಉತ್ತೇಜನ ನೀಡುತ್ತವೆ. ಕನ್ನಡ ಭಾಷೆಯ ಉಳಿವಿಗಾಗಿ ಪ್ರತಿಯೊಬ್ಬರೂ ಶ್ರಮಿಸಬೇಕು. ಇಂದಿನ ದಿನಗಳಲ್ಲಿ ಮಾತೃಭಾಷೆ ಕನ್ನಡದ ಬಗ್ಗೆ ಹೆಚ್ಚು ಹೆಚ್ಚು ಒಲವು ತೋರಬೇಕು. ಇತರ ಭಾಷೆ ಕಲಿಯುವುದು ತಪ್ಪಲ್ಲ ಆದರೆ ಕನ್ನಡ ಮರೆಯಬಾರದು. ಇಂದಿನ ಮಕ್ಕಳು ಕನ್ನಡದ ಪುಸ್ತಕಗಳನ್ನು ಓದುವ ಅಭ್ಯಾಸ ಬೆಳೆಸಿಕೊಳ್ಳಬೇಕು ಎಂದರು.

ಇಂದಿಗೆ ಮತ್ತಷ್ಟು ಜನರನ್ನು ಕರೆ ತರಬೇಕು. ಈ ಮೂಲಕ ಕನ್ನಡತನವನ್ನು ಉಳಿಸಲು ಮುಂದಾಗಬೇಕು ಎಂದು ಅವರು ಕರೆ ನೀಡಿದರು. ಕಾರ್ಯಕ್ರಮದ ಅಧ್ಯಕ್ಷತೆಯನ್ನು ಕನ್ನಡ ಸಾಹಿತ್ಯ ಪರಿಷತ್ ಜಿಲ್ಲಾಧ್ಯಕ್ಷ ವಹಿಸಿದ್ದರು. ಸಾಹಿತಿಗಳು ಸಮಾಜಕ್ಕೆ ದಾರಿದೀಪವಾಗಿದ್ದಾರೆ. ಸಮಾಜದ ತಲ್ಲಣಗಳನ್ನು ಕವಿತೆಗಳ ಮೂಲಕ ಅಭಿವ್ಯಕ್ತಿಸುತ್ತಾರೆ. ಕವಿಗೋಷ್ಠಿಗಳಲ್ಲಿ ಹೊಸ ಕವಿಗಳಿಗೆ ಅವಕಾಶ ಕಲ್ಪಿಸಬೇಕು. ಮಕ್ಕಳಲ್ಲಿ ಸಾಹಿತ್ಯದ ಅಭಿರುಚಿ ಬೆಳೆಸಬೇಕು ಎಂದರು. ಶ್ರೀ ಸಿರಿ ಸಾಹಿತ್ಯ ಸಾಂಸ್ಕೃತಿಕ ಕಲಾ ಟ್ರಸ್ಟ್ ಸಂಸ್ಥಾಪಕ

ಹಾಗೂ ಕವಿ ಅಂಜನ್‌ಕುಮಾರ್ ಮಾತನಾಡಿ, ಕನ್ನಡ ಸಾಹಿತ್ಯ, ಕವಿತೆಗಳನ್ನು ಇಂದು ಮರೆಯಲಾಗುತ್ತಿದೆ. ಕರ್ನಾಟಕ ಶ್ರೀರಂಗ ಸಂಸ್ಥೆಯ ಅಧ್ಯಕ್ಷರು, ಕವಿಗಳು, ಸಾಹಿತಿಗಳು ಭಾಗವಹಿಸಿದ್ದರು. ಕವಿಗೋಷ್ಠಿಯಲ್ಲಿ ರಾಜ್ಯದ ವಿವಿಧ ಜಿಲ್ಲೆಗಳಿಂದ ಆಗಮಿಸಿದ್ದ ಕವಿಗಳು ಕವನ ವಾಚಿಸಿದರು. ಸಾಧಕರನ್ನು ಸನ್ಮಾನಿಸಲಾಯಿತು. ಗುಬ್ಬಿ ಕನಕ ಅಧ್ಯಕ್ಷ ಹೆಚ್.ವಿ. ಬಸವರಾಜ್ ಮಾತನಾಡಿ, ಮನುಷ್ಯನ ಬದುಕಿಗೆ ಹಲವಾರು ಮುಖಗಳಿವೆ.

ಅದನ್ನು ಪ್ರಸ್ತುತದ ಅನೇಕ ಸಂದರ್ಭಗಳು ಮನುಷ್ಯನ ಬದುಕನ್ನು ಬದಲಿಸುತ್ತವೆ. ಆಲೋಚನೆಗಳು, ಯೋಚನೆಗಳನ್ನು ಬದಲಿಸುತ್ತವೆ. ಸಾಹಿತ್ಯ ಬದುಕನ್ನು ಅರ್ಥಪೂರ್ಣಗೊಳಿಸುತ್ತದೆ. ಕಾವ್ಯ, ಕಥೆ, ಕಾದಂಬರಿಗಳು ಜನರ ಮನಸ್ಸನ್ನು ಅರಳಿಸುತ್ತವೆ. ಕವಿಗೋಷ್ಠಿಯಲ್ಲಿ ಹಲವಾರು ಕವಿಗಳು ಭಾಗವಹಿಸಿ ಕವನ ವಾಚನ ಮಾಡಿದರು. ಕಾರ್ಯಕ್ರಮದಲ್ಲಿ ರಂಗಕರ್ಮಿ ಡಿ.ಆರ್. ಕಾರ್ಯದರ್ಶಿ ಬಸವರಾಜ್, ಹೆಚ್.ಎನ್. ವಿಜಯ್‌ಕುಮಾರ್ ಹಾಗೂ ಇತರರು ಉಪಸ್ಥಿತರಿದ್ದರು. ಮುಖ್ಯಮಂತ್ರಿಗಳ ಪದಕ ಪುರಸ್ಕೃತ ಮುಕುಂದ ಮುಂತಾದವರು ಕಾರ್ಯಕ್ರಮದಲ್ಲಿ ಭಾಗವಹಿಸಿದ್ದರು. ಕರಿಯಣ್ಣ ಮುತ್ತುರಾಜು ಉಪಸ್ಥಿತರಿದ್ದರು.
